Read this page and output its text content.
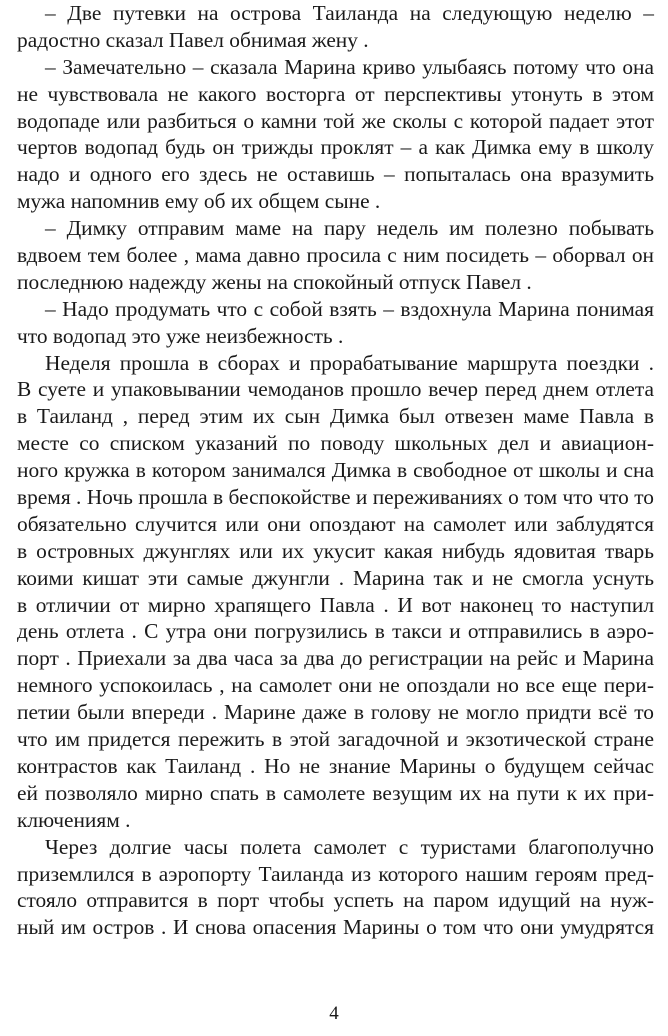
– Две путевки на острова Таиланда на следующую неделю –
радостно сказал Павел обнимая жену .
– Замечательно – сказала Марина криво улыбаясь потому что она
не чувствовала не какого восторга от перспективы утонуть в этом
водопаде или разбиться о камни той же сколы с которой падает этот
чертов водопад будь он трижды проклят – а как Димка ему в школу
надо и одного его здесь не оставишь – попыталась она вразумить
мужа напомнив ему об их общем сыне .
– Димку отправим маме на пару недель им полезно побывать
вдвоем тем более , мама давно просила с ним посидеть – оборвал он
последнюю надежду жены на спокойный отпуск Павел .
– Надо продумать что с собой взять – вздохнула Марина понимая
что водопад это уже неизбежность .
Неделя прошла в сборах и прорабатывание маршрута поездки .
В суете и упаковывании чемоданов прошло вечер перед днем отлета
в Таиланд , перед этим их сын Димка был отвезен маме Павла в
месте со списком указаний по поводу школьных дел и авиацион-
ного кружка в котором занимался Димка в свободное от школы и сна
время . Ночь прошла в беспокойстве и переживаниях о том что что то
обязательно случится или они опоздают на самолет или заблудятся
в островных джунглях или их укусит какая нибудь ядовитая тварь
коими кишат эти самые джунгли . Марина так и не смогла уснуть
в отличии от мирно храпящего Павла . И вот наконец то наступил
день отлета . С утра они погрузились в такси и отправились в аэро-
порт . Приехали за два часа за два до регистрации на рейс и Марина
немного успокоилась , на самолет они не опоздали но все еще пери-
петии были впереди . Марине даже в голову не могло придти всё то
что им придется пережить в этой загадочной и экзотической стране
контрастов как Таиланд . Но не знание Марины о будущем сейчас
ей позволяло мирно спать в самолете везущим их на пути к их при-
ключениям .
Через долгие часы полета самолет с туристами благополучно
приземлился в аэропорту Таиланда из которого нашим героям пред-
стояло отправится в порт чтобы успеть на паром идущий на нуж-
ный им остров . И снова опасения Марины о том что они умудрятся
4
